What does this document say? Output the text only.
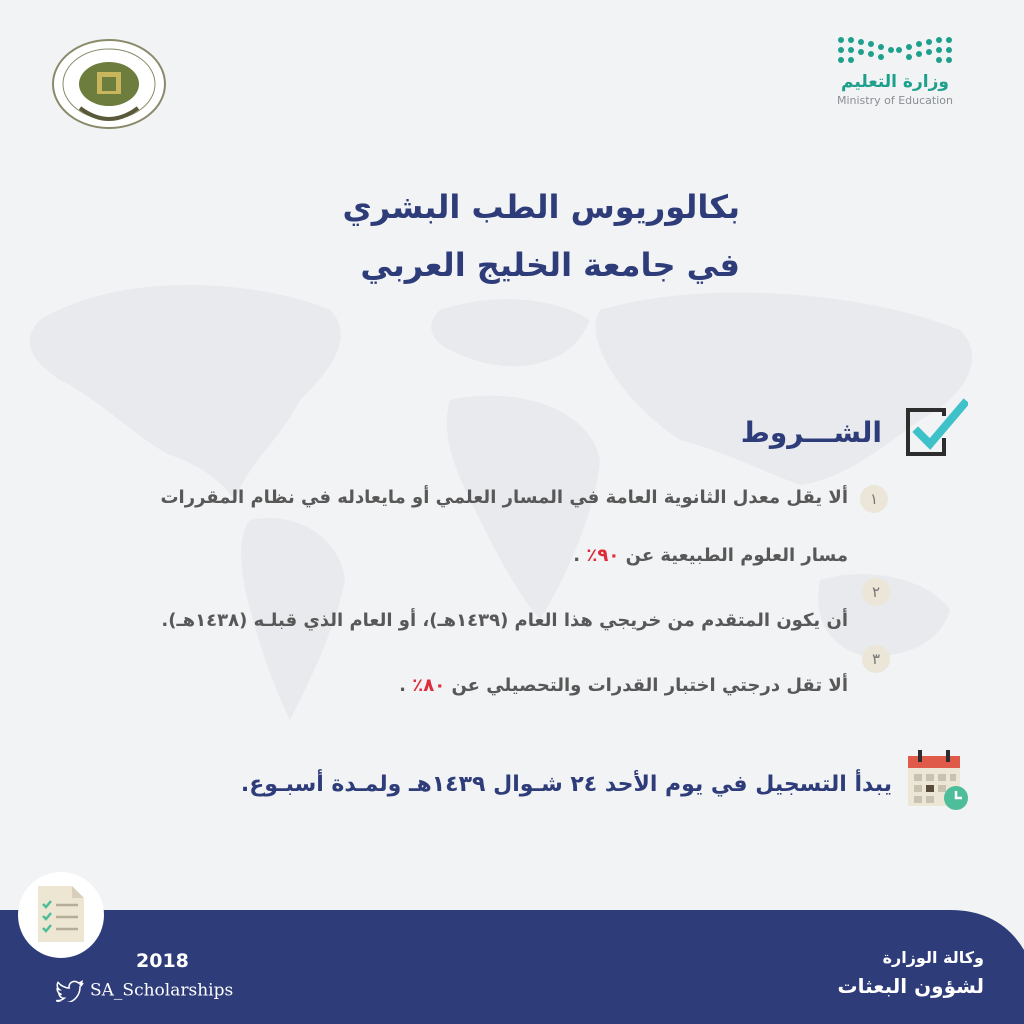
وزارة التعليم
Ministry of Education
بكالوريوس الطب البشري
في جامعة الخليج العربي
الشـــروط
١
ألا يقل معدل الثانوية العامة في المسار العلمي أو مايعادله في نظام المقررات
مسار العلوم الطبيعية عن ٩٠٪ .
٢
أن يكون المتقدم من خريجي هذا العام (١٤٣٩هـ)، أو العام الذي قبلـه (١٤٣٨هـ).
٣
ألا تقل درجتي اختبار القدرات والتحصيلي عن ٨٠٪ .
يبدأ التسجيل في يوم الأحد ٢٤ شـوال ١٤٣٩هـ ولمـدة أسبـوع.
2018
SA_Scholarships
وكالة الوزارة
لشؤون البعثات
